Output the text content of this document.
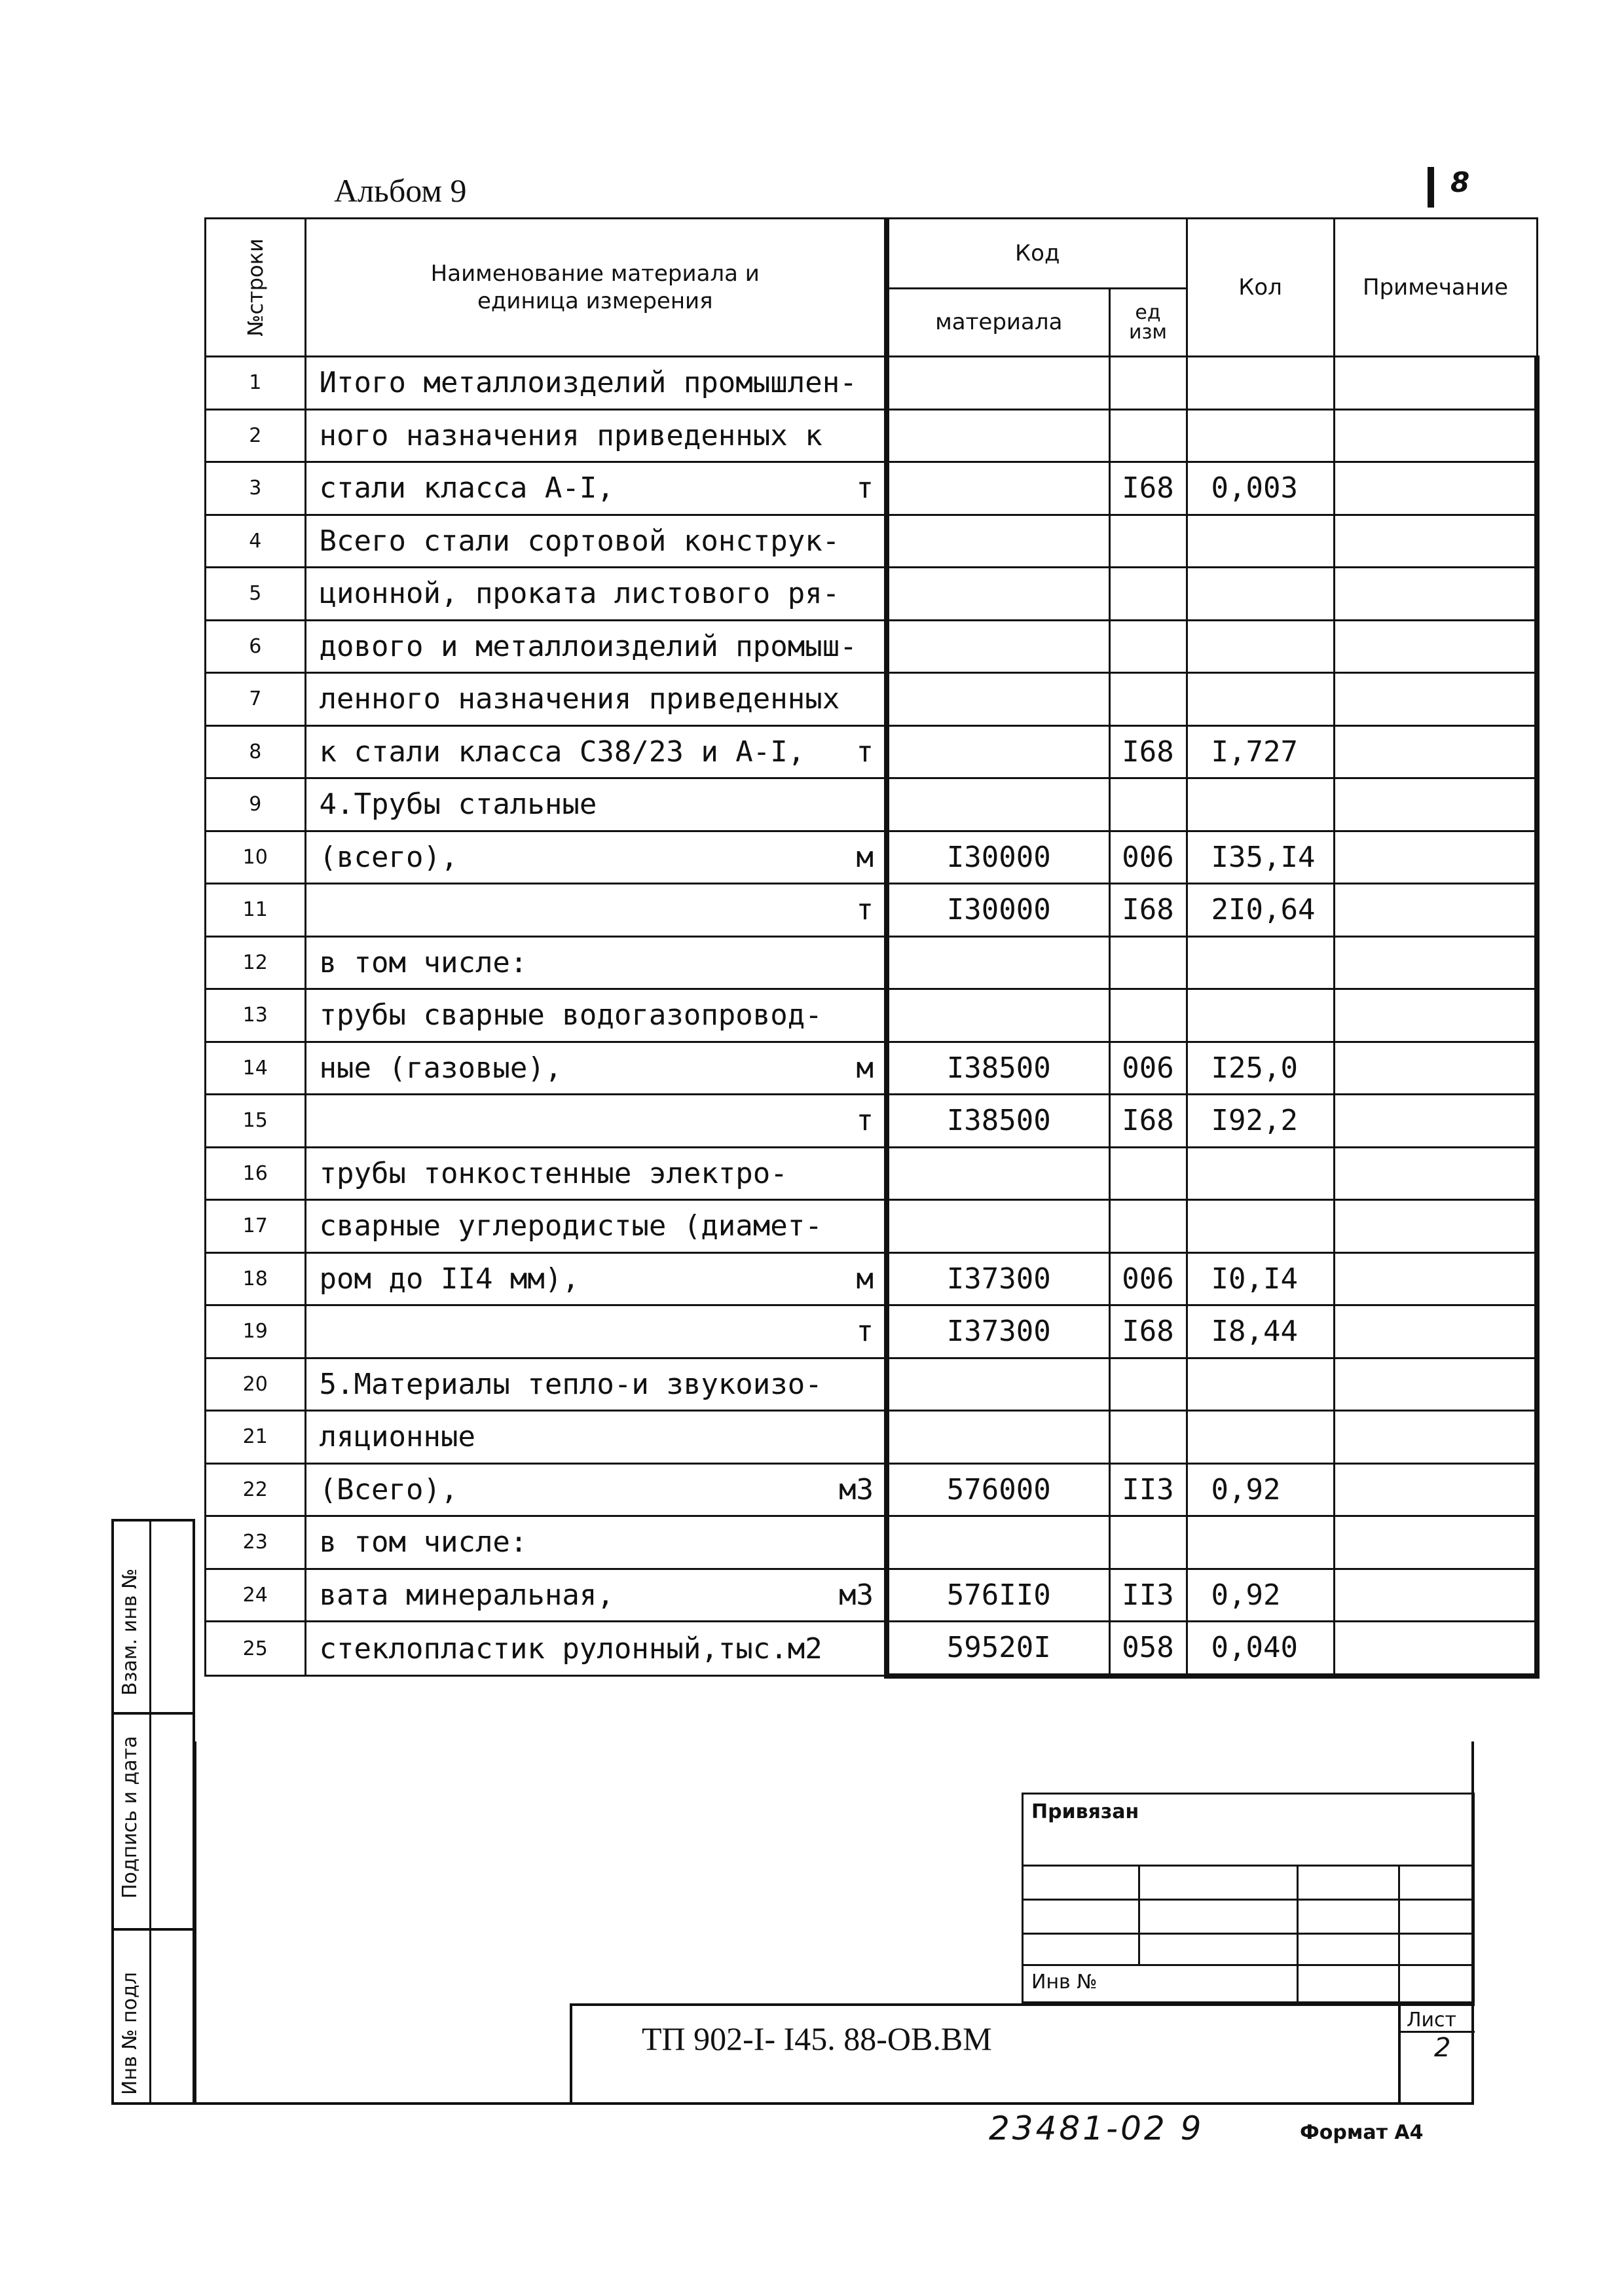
Альбом 9	8
№строки	Наименование материала и единица измерения	Код		Кол	Примечание
		материала	ед изм		

1	Итого металлоизделий промышлен-				

2	ного назначения приведенных к				

3	стали класса А-I, т		I68	0,003	
4	Всего стали сортовой конструк-				

5	ционной, проката листового ря-				

6	дового и металлоизделий промыш-				

7	ленного назначения приведенных				

8	к стали класса С38/23 и А-I, т		I68	I,727	
9	4.Трубы стальные				

10	(всего), м	I30000	006	I35,I4	
11	т	I30000	I68	2I0,64	
12	в том числе:				

13	трубы сварные водогазопровод-				

14	ные (газовые), м	I38500	006	I25,0	
15	т	I38500	I68	I92,2	
16	трубы тонкостенные электро-				

17	сварные углеродистые (диамет-				

18	ром до II4 мм), м	I37300	006	I0,I4	
19	т	I37300	I68	I8,44	
20	5.Материалы тепло-и звукоизо-				

21	ляционные				

22	(Всего), м3	576000	II3	0,92	
23	в том числе:				

24	вата минеральная, м3	576II0	II3	0,92	
25	стеклопластик рулонный,тыс.м2	59520I	058	0,040	
Привязан
Инв №
ТП 902-I- I45. 88-ОВ.ВМ
Лист
2
Взам. инв №
Подпись и дата
Инв № подл
23481-02 9	Формат А4
